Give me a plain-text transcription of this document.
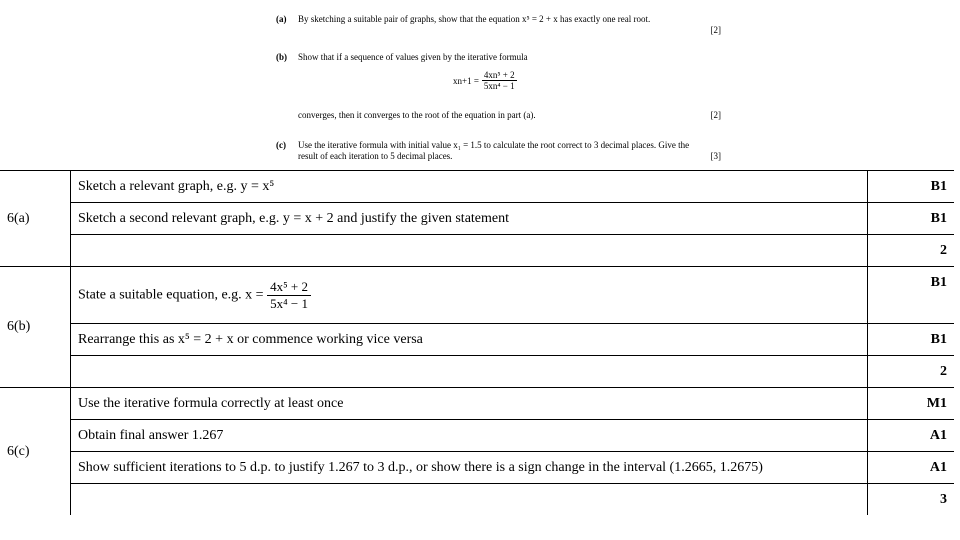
(a) By sketching a suitable pair of graphs, show that the equation x⁵ = 2 + x has exactly one real root.
[2]
(b) Show that if a sequence of values given by the iterative formula
$xn+1 = \frac{\text{4xn⁵ + 2}}{\text{5xn⁴ − 1}}$
converges, then it converges to the root of the equation in part (a).	[2]
(c) Use the iterative formula with initial value x₁ = 1.5 to calculate the root correct to 3 decimal places. Give the result of each iteration to 5 decimal places.	[3]
6(a)	Sketch a relevant graph, e.g. y = x⁵	B1
	Sketch a second relevant graph, e.g. y = x + 2 and justify the given statement	B1
		2
6(b)	State a suitable equation, e.g. $x = \frac{\text{4x⁵ + 2}}{\text{5x⁴ − 1}}$	B1
	Rearrange this as x⁵ = 2 + x or commence working vice versa	B1
		2
6(c)	Use the iterative formula correctly at least once	M1
	Obtain final answer 1.267	A1
	Show sufficient iterations to 5 d.p. to justify 1.267 to 3 d.p., or show there is a sign change in the interval (1.2665, 1.2675)	A1
		3
